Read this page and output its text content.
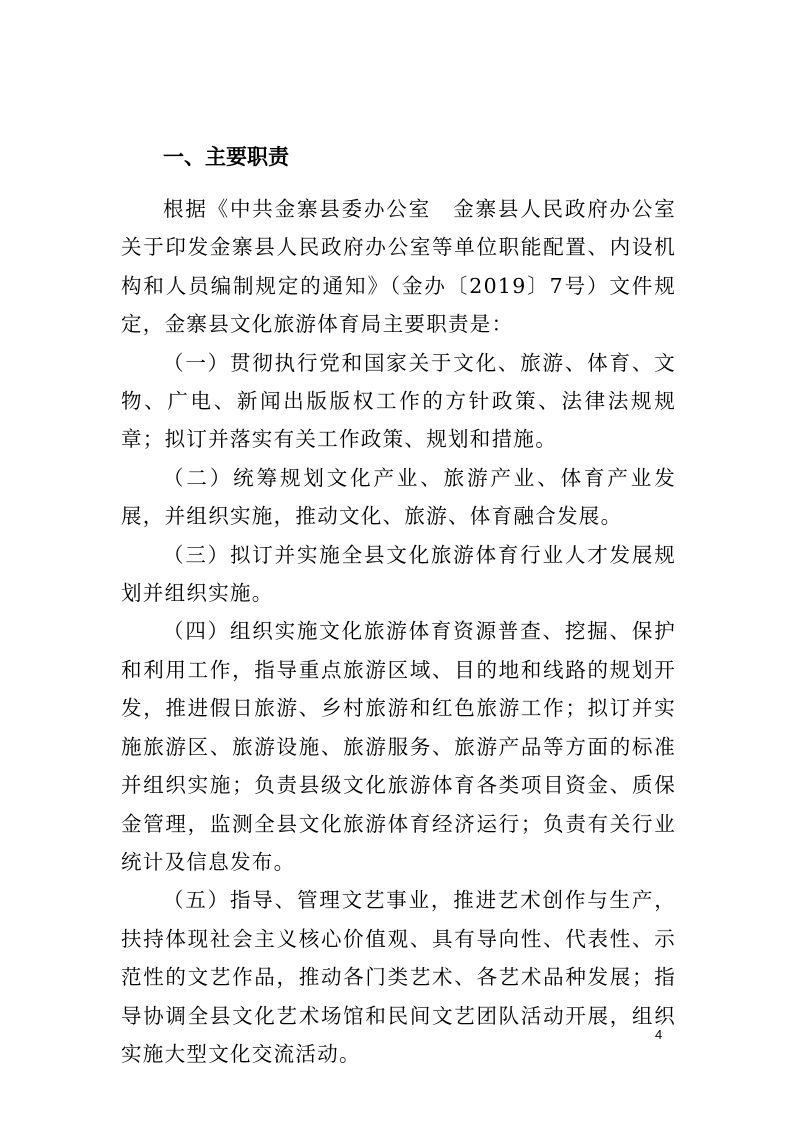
一、主要职责

根据《中共金寨县委办公室　金寨县人民政府办公室关于印发金寨县人民政府办公室等单位职能配置、内设机构和人员编制规定的通知》（金办〔2019〕7号）文件规定，金寨县文化旅游体育局主要职责是：

（一）贯彻执行党和国家关于文化、旅游、体育、文物、广电、新闻出版版权工作的方针政策、法律法规规章；拟订并落实有关工作政策、规划和措施。

（二）统筹规划文化产业、旅游产业、体育产业发展，并组织实施，推动文化、旅游、体育融合发展。

（三）拟订并实施全县文化旅游体育行业人才发展规划并组织实施。

（四）组织实施文化旅游体育资源普查、挖掘、保护和利用工作，指导重点旅游区域、目的地和线路的规划开发，推进假日旅游、乡村旅游和红色旅游工作；拟订并实施旅游区、旅游设施、旅游服务、旅游产品等方面的标准并组织实施；负责县级文化旅游体育各类项目资金、质保金管理，监测全县文化旅游体育经济运行；负责有关行业统计及信息发布。

（五）指导、管理文艺事业，推进艺术创作与生产，扶持体现社会主义核心价值观、具有导向性、代表性、示范性的文艺作品，推动各门类艺术、各艺术品种发展；指导协调全县文化艺术场馆和民间文艺团队活动开展，组织实施大型文化交流活动。

4
